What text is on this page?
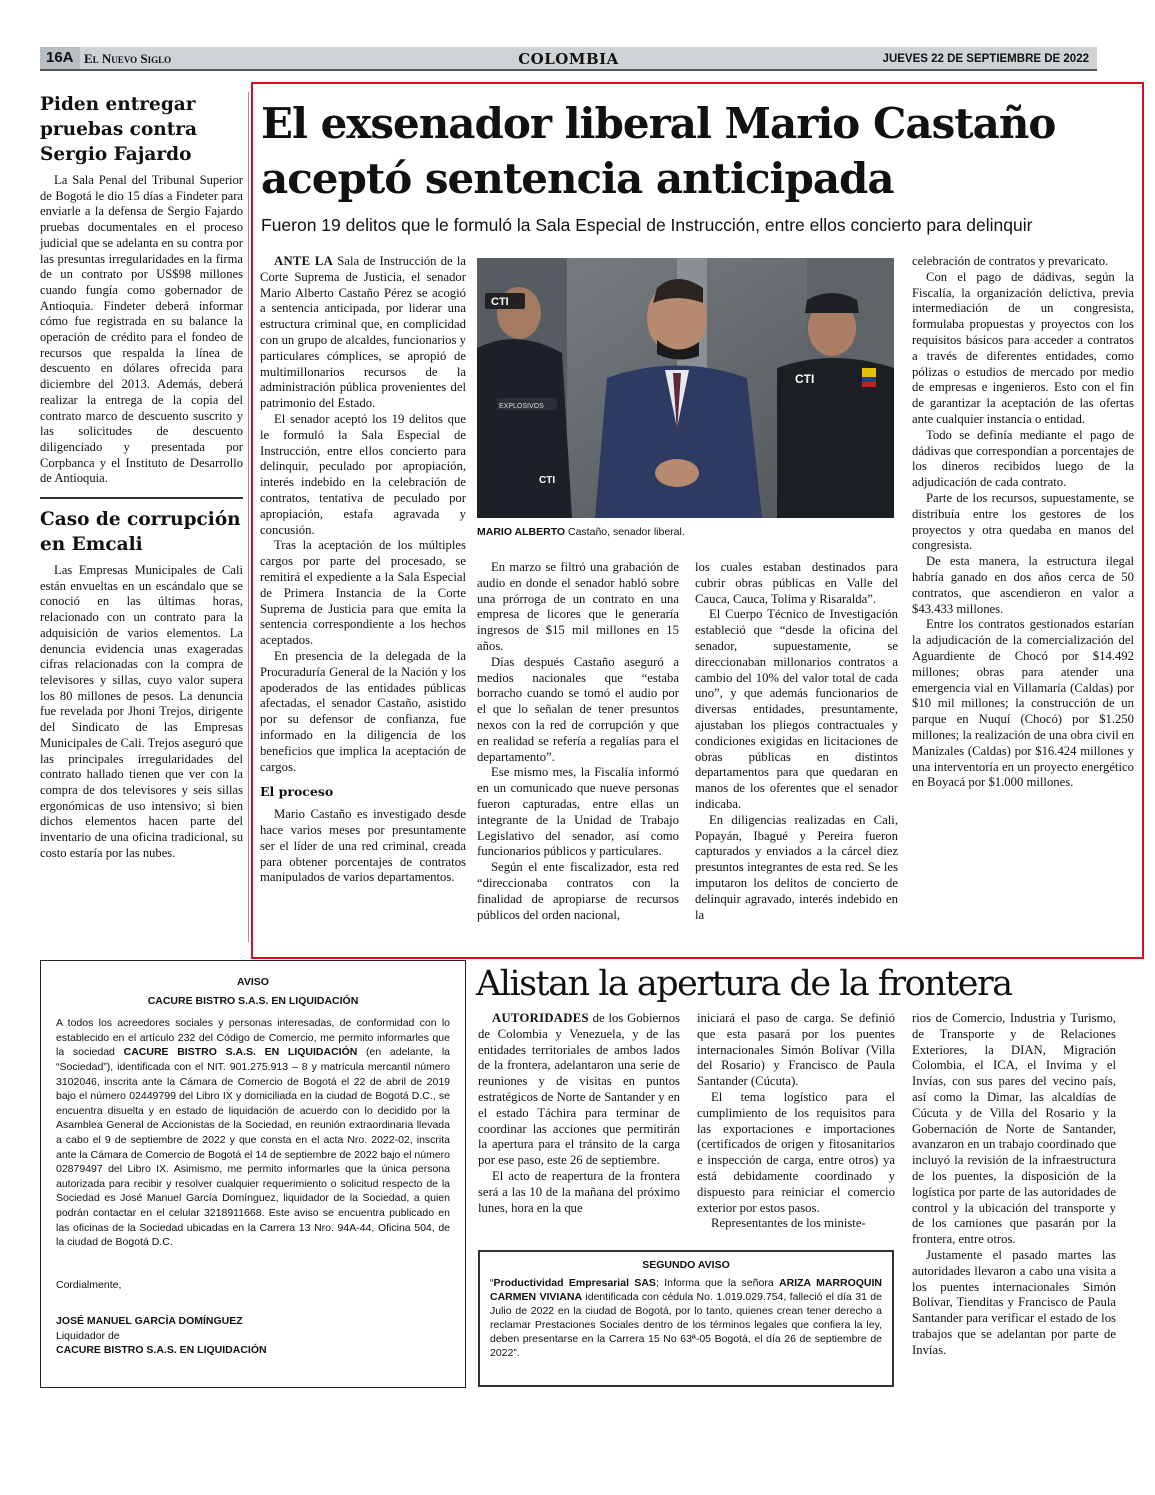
COLOMBIA
16A El Nuevo Siglo	JUEVES 22 DE SEPTIEMBRE DE 2022
Piden entregar pruebas contra Sergio Fajardo

La Sala Penal del Tribunal Superior de Bogotá le dio 15 días a Findeter para enviarle a la defensa de Sergio Fajardo pruebas documentales en el proceso judicial que se adelanta en su contra por las presuntas irregularidades en la firma de un contrato por US$98 millones cuando fungía como gobernador de Antioquia. Findeter deberá informar cómo fue registrada en su balance la operación de crédito para el fondeo de recursos que respalda la línea de descuento en dólares ofrecida para diciembre del 2013. Además, deberá realizar la entrega de la copia del contrato marco de descuento suscrito y las solicitudes de descuento diligenciado y presentada por Corpbanca y el Instituto de Desarrollo de Antioquia.

Caso de corrupción en Emcali

Las Empresas Municipales de Cali están envueltas en un escándalo que se conoció en las últimas horas, relacionado con un contrato para la adquisición de varios elementos. La denuncia evidencia unas exageradas cifras relacionadas con la compra de televisores y sillas, cuyo valor supera los 80 millones de pesos. La denuncia fue revelada por Jhoni Trejos, dirigente del Sindicato de las Empresas Municipales de Cali. Trejos aseguró que las principales irregularidades del contrato hallado tienen que ver con la compra de dos televisores y seis sillas ergonómicas de uso intensivo; si bien dichos elementos hacen parte del inventario de una oficina tradicional, su costo estaría por las nubes.

El exsenador liberal Mario Castaño aceptó sentencia anticipada
Fueron 19 delitos que le formuló la Sala Especial de Instrucción, entre ellos concierto para delinquir

ANTE LA Sala de Instrucción de la Corte Suprema de Justicia, el senador Mario Alberto Castaño Pérez se acogió a sentencia anticipada, por liderar una estructura criminal que, en complicidad con un grupo de alcaldes, funcionarios y particulares cómplices, se apropió de multimillonarios recursos de la administración pública provenientes del patrimonio del Estado.

El senador aceptó los 19 delitos que le formuló la Sala Especial de Instrucción, entre ellos concierto para delinquir, peculado por apropiación, interés indebido en la celebración de contratos, tentativa de peculado por apropiación, estafa agravada y concusión.

Tras la aceptación de los múltiples cargos por parte del procesado, se remitirá el expediente a la Sala Especial de Primera Instancia de la Corte Suprema de Justicia para que emita la sentencia correspondiente a los hechos aceptados.

En presencia de la delegada de la Procuraduría General de la Nación y los apoderados de las entidades públicas afectadas, el senador Castaño, asistido por su defensor de confianza, fue informado en la diligencia de los beneficios que implica la aceptación de cargos.

El proceso

Mario Castaño es investigado desde hace varios meses por presuntamente ser el líder de una red criminal, creada para obtener porcentajes de contratos manipulados de varios departamentos.

CTI
EXPLOSIVOS
CTI
CTI
MARIO ALBERTO Castaño, senador liberal.

En marzo se filtró una grabación de audio en donde el senador habló sobre una prórroga de un contrato en una empresa de licores que le generaría ingresos de $15 mil millones en 15 años.

Días después Castaño aseguró a medios nacionales que “estaba borracho cuando se tomó el audio por el que lo señalan de tener presuntos nexos con la red de corrupción y que en realidad se refería a regalías para el departamento”.

Ese mismo mes, la Fiscalía informó en un comunicado que nueve personas fueron capturadas, entre ellas un integrante de la Unidad de Trabajo Legislativo del senador, así como funcionarios públicos y particulares.

Según el ente fiscalizador, esta red “direccionaba contratos con la finalidad de apropiarse de recursos públicos del orden nacional,

los cuales estaban destinados para cubrir obras públicas en Valle del Cauca, Cauca, Tolima y Risaralda”.

El Cuerpo Técnico de Investigación estableció que “desde la oficina del senador, supuestamente, se direccionaban millonarios contratos a cambio del 10% del valor total de cada uno”, y que además funcionarios de diversas entidades, presuntamente, ajustaban los pliegos contractuales y condiciones exigidas en licitaciones de obras públicas en distintos departamentos para que quedaran en manos de los oferentes que el senador indicaba.

En diligencias realizadas en Cali, Popayán, Ibagué y Pereira fueron capturados y enviados a la cárcel diez presuntos integrantes de esta red. Se les imputaron los delitos de concierto de delinquir agravado, interés indebido en la

celebración de contratos y prevaricato.

Con el pago de dádivas, según la Fiscalía, la organización delictiva, previa intermediación de un congresista, formulaba propuestas y proyectos con los requisitos básicos para acceder a contratos a través de diferentes entidades, como pólizas o estudios de mercado por medio de empresas e ingenieros. Esto con el fin de garantizar la aceptación de las ofertas ante cualquier instancia o entidad.

Todo se definía mediante el pago de dádivas que correspondían a porcentajes de los dineros recibidos luego de la adjudicación de cada contrato.

Parte de los recursos, supuestamente, se distribuía entre los gestores de los proyectos y otra quedaba en manos del congresista.

De esta manera, la estructura ilegal habría ganado en dos años cerca de 50 contratos, que ascendieron en valor a $43.433 millones.

Entre los contratos gestionados estarían la adjudicación de la comercialización del Aguardiente de Chocó por $14.492 millones; obras para atender una emergencia vial en Villamaría (Caldas) por $10 mil millones; la construcción de un parque en Nuquí (Chocó) por $1.250 millones; la realización de una obra civil en Manizales (Caldas) por $16.424 millones y una interventoría en un proyecto energético en Boyacá por $1.000 millones.

AVISO
CACURE BISTRO S.A.S. EN LIQUIDACIÓN
A todos los acreedores sociales y personas interesadas, de conformidad con lo establecido en el artículo 232 del Código de Comercio, me permito informarles que la sociedad CACURE BISTRO S.A.S. EN LIQUIDACIÓN (en adelante, la “Sociedad”), identificada con el NIT. 901.275.913 – 8 y matrícula mercantil número 3102046, inscrita ante la Cámara de Comercio de Bogotá el 22 de abril de 2019 bajo el número 02449799 del Libro IX y domiciliada en la ciudad de Bogotá D.C., se encuentra disuelta y en estado de liquidación de acuerdo con lo decidido por la Asamblea General de Accionistas de la Sociedad, en reunión extraordinaria llevada a cabo el 9 de septiembre de 2022 y que consta en el acta Nro. 2022-02, inscrita ante la Cámara de Comercio de Bogotá el 14 de septiembre de 2022 bajo el número 02879497 del Libro IX. Asimismo, me permito informarles que la única persona autorizada para recibir y resolver cualquier requerimiento o solicitud respecto de la Sociedad es José Manuel García Domínguez, liquidador de la Sociedad, a quien podrán contactar en el celular 3218911668. Este aviso se encuentra publicado en las oficinas de la Sociedad ubicadas en la Carrera 13 Nro. 94A-44, Oficina 504, de la ciudad de Bogotá D.C.
Cordialmente,
JOSÉ MANUEL GARCÍA DOMÍNGUEZ
Liquidador de
CACURE BISTRO S.A.S. EN LIQUIDACIÓN
Alistan la apertura de la frontera

AUTORIDADES de los Gobiernos de Colombia y Venezuela, y de las entidades territoriales de ambos lados de la frontera, adelantaron una serie de reuniones y de visitas en puntos estratégicos de Norte de Santander y en el estado Táchira para terminar de coordinar las acciones que permitirán la apertura para el tránsito de la carga por ese paso, este 26 de septiembre.

El acto de reapertura de la frontera será a las 10 de la mañana del próximo lunes, hora en la que

iniciará el paso de carga. Se definió que esta pasará por los puentes internacionales Simón Bolívar (Villa del Rosario) y Francisco de Paula Santander (Cúcuta).

El tema logístico para el cumplimiento de los requisitos para las exportaciones e importaciones (certificados de origen y fitosanitarios e inspección de carga, entre otros) ya está debidamente coordinado y dispuesto para reiniciar el comercio exterior por estos pasos.

Representantes de los ministe-

rios de Comercio, Industria y Turismo, de Transporte y de Relaciones Exteriores, la DIAN, Migración Colombia, el ICA, el Invima y el Invías, con sus pares del vecino país, así como la Dimar, las alcaldías de Cúcuta y de Villa del Rosario y la Gobernación de Norte de Santander, avanzaron en un trabajo coordinado que incluyó la revisión de la infraestructura de los puentes, la disposición de la logística por parte de las autoridades de control y la ubicación del transporte y de los camiones que pasarán por la frontera, entre otros.

Justamente el pasado martes las autoridades llevaron a cabo una visita a los puentes internacionales Simón Bolívar, Tienditas y Francisco de Paula Santander para verificar el estado de los trabajos que se adelantan por parte de Invías.

SEGUNDO AVISO
“Productividad Empresarial SAS; Informa que la señora ARIZA MARROQUIN CARMEN VIVIANA identificada con cédula No. 1.019.029.754, falleció el día 31 de Julio de 2022 en la ciudad de Bogotá, por lo tanto, quienes crean tener derecho a reclamar Prestaciones Sociales dentro de los términos legales que confiera la ley, deben presentarse en la Carrera 15 No 63ª-05 Bogotá, el día 26 de septiembre de 2022”.
